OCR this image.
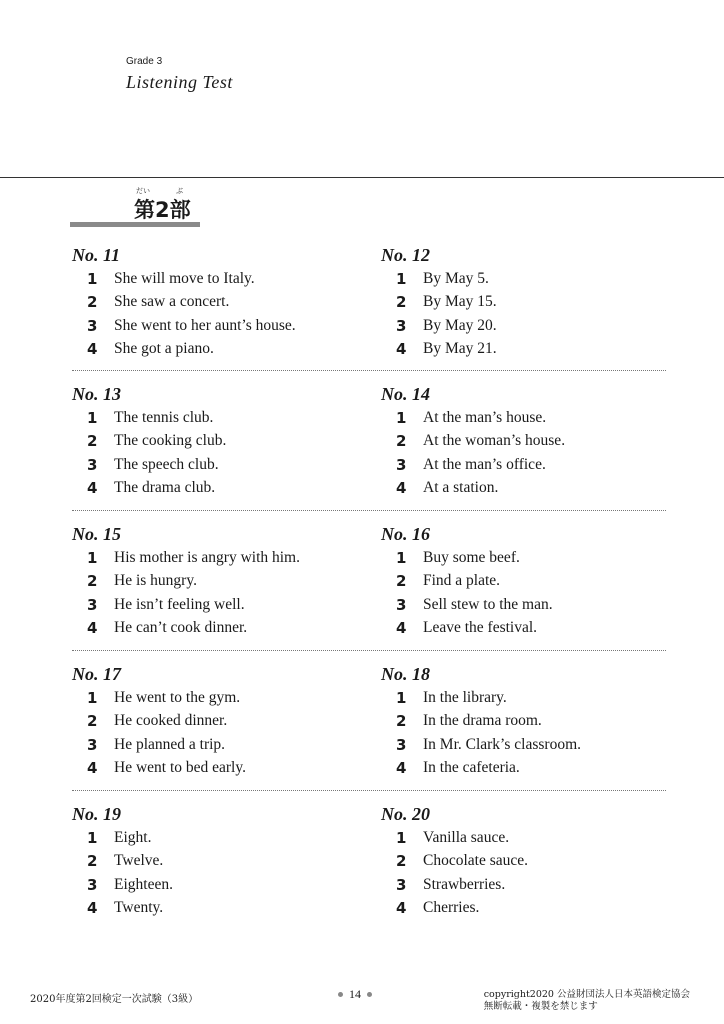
Grade 3
Listening Test
だい	ぶ
第2部
No. 11
1	She will move to Italy.
2	She saw a concert.
3	She went to her aunt’s house.
4	She got a piano.
No. 12
1	By May 5.
2	By May 15.
3	By May 20.
4	By May 21.
No. 13
1	The tennis club.
2	The cooking club.
3	The speech club.
4	The drama club.
No. 14
1	At the man’s house.
2	At the woman’s house.
3	At the man’s office.
4	At a station.
No. 15
1	His mother is angry with him.
2	He is hungry.
3	He isn’t feeling well.
4	He can’t cook dinner.
No. 16
1	Buy some beef.
2	Find a plate.
3	Sell stew to the man.
4	Leave the festival.
No. 17
1	He went to the gym.
2	He cooked dinner.
3	He planned a trip.
4	He went to bed early.
No. 18
1	In the library.
2	In the drama room.
3	In Mr. Clark’s classroom.
4	In the cafeteria.
No. 19
1	Eight.
2	Twelve.
3	Eighteen.
4	Twenty.
No. 20
1	Vanilla sauce.
2	Chocolate sauce.
3	Strawberries.
4	Cherries.
2020年度第2回検定一次試験（3級）	14	copyright2020 公益財団法人日本英語検定協会
無断転載・複製を禁じます
